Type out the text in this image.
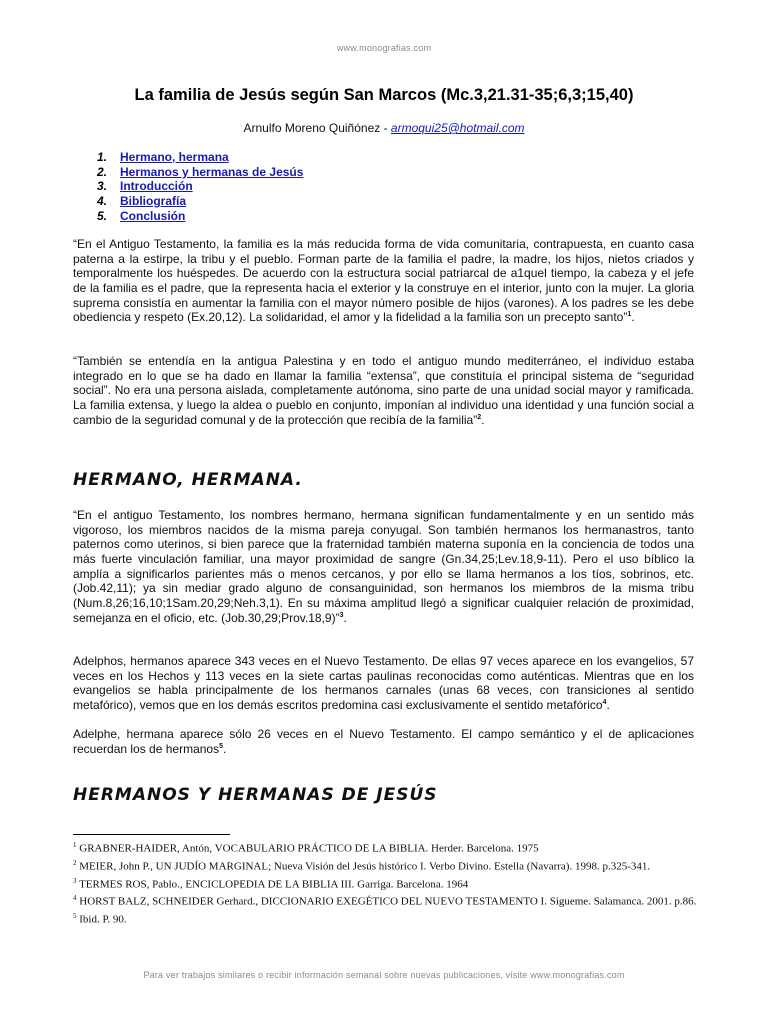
www.monografias.com
La familia de Jesús según San Marcos (Mc.3,21.31-35;6,3;15,40)
Arnulfo Moreno Quiñónez - armoqui25@hotmail.com
1.	Hermano, hermana
2.	Hermanos y hermanas de Jesús
3.	Introducción
4.	Bibliografía
5.	Conclusión

“En el Antiguo Testamento, la familia es la más reducida forma de vida comunitaria, contrapuesta, en cuanto casa paterna a la estirpe, la tribu y el pueblo. Forman parte de la familia el padre, la madre, los hijos, nietos criados y temporalmente los huéspedes. De acuerdo con la estructura social patriarcal de a1quel tiempo, la cabeza y el jefe de la familia es el padre, que la representa hacia el exterior y la construye en el interior, junto con la mujer. La gloria suprema consistía en aumentar la familia con el mayor número posible de hijos (varones). A los padres se les debe obediencia y respeto (Ex.20,12). La solidaridad, el amor y la fidelidad a la familia son un precepto santo”$^1$.

“También se entendía en la antigua Palestina y en todo el antiguo mundo mediterráneo, el individuo estaba integrado en lo que se ha dado en llamar la familia “extensa”, que constituía el principal sistema de “seguridad social”. No era una persona aislada, completamente autónoma, sino parte de una unidad social mayor y ramificada. La familia extensa, y luego la aldea o pueblo en conjunto, imponían al individuo una identidad y una función social a cambio de la seguridad comunal y de la protección que recibía de la familia”$^2$.

HERMANO, HERMANA.

“En el antiguo Testamento, los nombres hermano, hermana significan fundamentalmente y en un sentido más vigoroso, los miembros nacidos de la misma pareja conyugal. Son también hermanos los hermanastros, tanto paternos como uterinos, si bien parece que la fraternidad también materna suponía en la conciencia de todos una más fuerte vinculación familiar, una mayor proximidad de sangre (Gn.34,25;Lev.18,9-11). Pero el uso bíblico la amplía a significarlos parientes más o menos cercanos, y por ello se llama hermanos a los tíos, sobrinos, etc. (Job.42,11); ya sin mediar grado alguno de consanguinidad, son hermanos los miembros de la misma tribu (Num.8,26;16,10;1Sam.20,29;Neh.3,1). En su máxima amplitud llegó a significar cualquier relación de proximidad, semejanza en el oficio, etc. (Job.30,29;Prov.18,9)”$^3$.

Adelphos, hermanos aparece 343 veces en el Nuevo Testamento. De ellas 97 veces aparece en los evangelios, 57 veces en los Hechos y 113 veces en la siete cartas paulinas reconocidas como auténticas. Mientras que en los evangelios se habla principalmente de los hermanos carnales (unas 68 veces, con transiciones al sentido metafórico), vemos que en los demás escritos predomina casi exclusivamente el sentido metafórico$^4$.

Adelphe, hermana aparece sólo 26 veces en el Nuevo Testamento. El campo semántico y el de aplicaciones recuerdan los de hermanos$^5$.

HERMANOS Y HERMANAS DE JESÚS

$^1$ GRABNER-HAIDER, Antón, VOCABULARIO PRÁCTICO DE LA BIBLIA. Herder. Barcelona. 1975

$^2$ MEIER, John P., UN JUDÍO MARGINAL; Nueva Visión del Jesús histórico I. Verbo Divino. Estella (Navarra). 1998. p.325-341.

$^3$ TERMES ROS, Pablo., ENCICLOPEDIA DE LA BIBLIA III. Garriga. Barcelona. 1964

$^4$ HORST BALZ, SCHNEIDER Gerhard., DICCIONARIO EXEGÉTICO DEL NUEVO TESTAMENTO I. Sigueme. Salamanca. 2001. p.86.

$^5$ Ibid. P. 90.

Para ver trabajos similares o recibir información semanal sobre nuevas publicaciones, visite www.monografias.com
